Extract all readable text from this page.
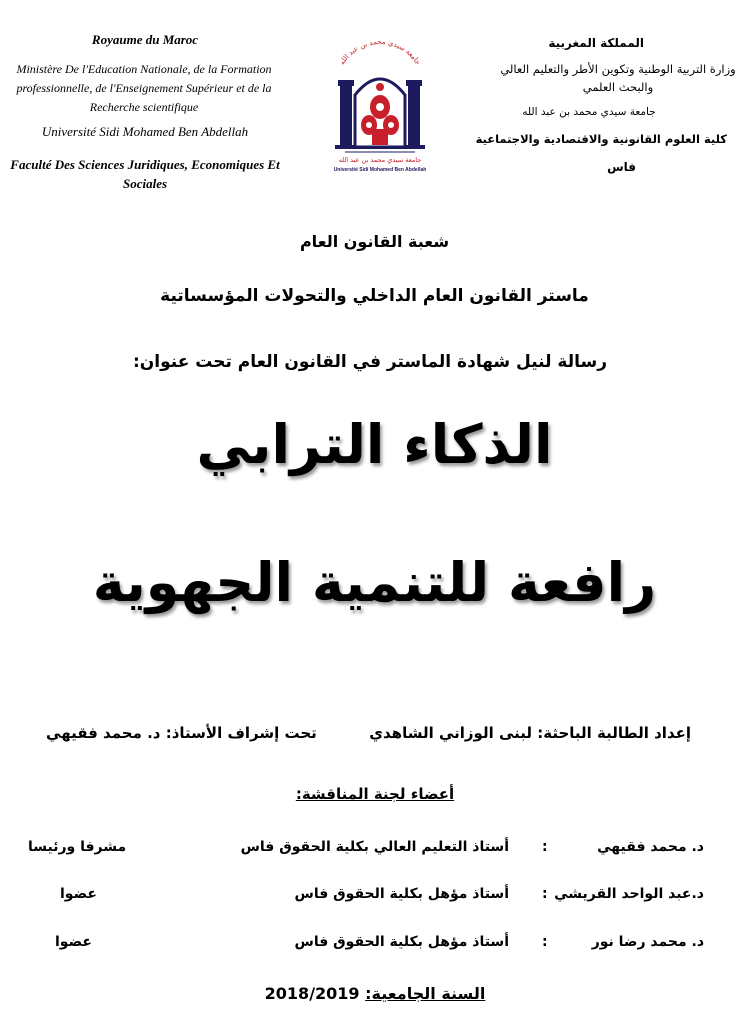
Royaume du Maroc
Ministère De l'Education Nationale, de la Formation professionnelle, de l'Enseignement Supérieur et de la Recherche scientifique
Université Sidi Mohamed Ben Abdellah
Faculté Des Sciences Juridiques, Economiques Et Sociales
جامعة سيدي محمد بن عبد الله
جامعة سيدي محمد بن عبد الله
Université Sidi Mohamed Ben Abdellah
المملكة المغربية
وزارة التربية الوطنية وتكوين الأطر والتعليم العالي والبحث العلمي
جامعة سيدي محمد بن عبد الله
كلية العلوم القانونية والاقتصادية والاجتماعية
فاس
شعبة القانون العام
ماستر القانون العام الداخلي والتحولات المؤسساتية
رسالة لنيل شهادة الماستر في القانون العام تحت عنوان:
الذكاء الترابي
رافعة للتنمية الجهوية
إعداد الطالبة الباحثة: لبنى الوزاني الشاهدي  تحت إشراف الأستاذ: د. محمد فقيهي
أعضاء لجنة المناقشة:
د. محمد فقيهي
:
أستاذ التعليم العالي بكلية الحقوق فاس
مشرفا ورئيسا
د.عبد الواحد القريشي
:
أستاذ مؤهل بكلية الحقوق فاس
عضوا
د. محمد رضا نور
:
أستاذ مؤهل بكلية الحقوق فاس
عضوا
السنة الجامعية: 2018/2019
